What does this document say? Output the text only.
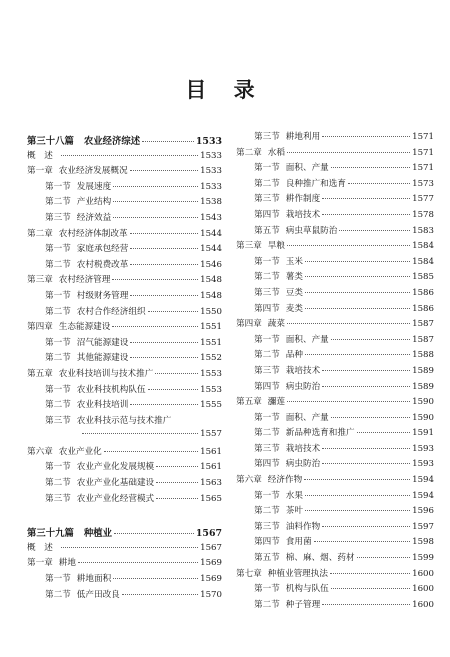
目 录
第三十八篇 农业经济综述	1533
概　述	1533
第一章 农业经济发展概况	1533
第一节 发展速度	1533
第二节 产业结构	1538
第三节 经济效益	1543
第二章 农村经济体制改革	1544
第一节 家庭承包经营	1544
第二节 农村税费改革	1546
第三章 农村经济管理	1548
第一节 村级财务管理	1548
第二节 农村合作经济组织	1550
第四章 生态能源建设	1551
第一节 沼气能源建设	1551
第二节 其他能源建设	1552
第五章 农业科技培训与技术推广	1553
第一节 农业科技机构队伍	1553
第二节 农业科技培训	1555
第三节 农业科技示范与技术推广
1557
第六章 农业产业化	1561
第一节 农业产业化发展规模	1561
第二节 农业产业化基础建设	1563
第三节 农业产业化经营模式	1565
第三十九篇 种植业	1567
概　述	1567
第一章 耕地	1569
第一节 耕地面积	1569
第二节 低产田改良	1570
第三节 耕地利用	1571
第二章 水稻	1571
第一节 面积、产量	1571
第二节 良种推广和选育	1573
第三节 耕作制度	1577
第四节 栽培技术	1578
第五节 病虫草鼠防治	1583
第三章 旱粮	1584
第一节 玉米	1584
第二节 薯类	1585
第三节 豆类	1586
第四节 麦类	1586
第四章 蔬菜	1587
第一节 面积、产量	1587
第二节 品种	1588
第三节 栽培技术	1589
第四节 病虫防治	1589
第五章 瀰莲	1590
第一节 面积、产量	1590
第二节 新品种选育和推广	1591
第三节 栽培技术	1593
第四节 病虫防治	1593
第六章 经济作物	1594
第一节 水果	1594
第二节 茶叶	1596
第三节 油料作物	1597
第四节 食用菌	1598
第五节 棉、麻、烟、药材	1599
第七章 种植业管理执法	1600
第一节 机构与队伍	1600
第二节 种子管理	1600
